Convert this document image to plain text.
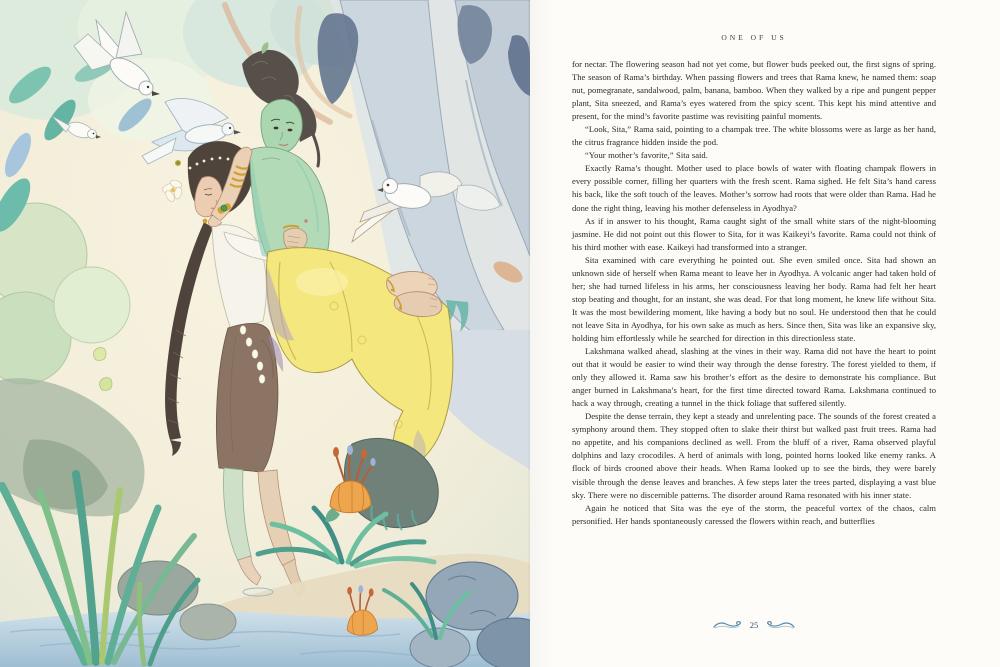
ONE OF US

for nectar. The flowering season had not yet come, but flower buds peeked out, the first signs of spring. The season of Rama’s birthday. When passing flowers and trees that Rama knew, he named them: soap nut, pomegranate, sandalwood, palm, banana, bamboo. When they walked by a ripe and pungent pepper plant, Sita sneezed, and Rama’s eyes watered from the spicy scent. This kept his mind attentive and present, for the mind’s favorite pastime was revisiting painful moments.

“Look, Sita,” Rama said, pointing to a champak tree. The white blossoms were as large as her hand, the citrus fragrance hidden inside the pod.

“Your mother’s favorite,” Sita said.

Exactly Rama’s thought. Mother used to place bowls of water with floating champak flowers in every possible corner, filling her quarters with the fresh scent. Rama sighed. He felt Sita’s hand caress his back, like the soft touch of the leaves. Mother’s sorrow had roots that were older than Rama. Had he done the right thing, leaving his mother defenseless in Ayodhya?

As if in answer to his thought, Rama caught sight of the small white stars of the night-blooming jasmine. He did not point out this flower to Sita, for it was Kaikeyi’s favorite. Rama could not think of his third mother with ease. Kaikeyi had transformed into a stranger.

Sita examined with care everything he pointed out. She even smiled once. Sita had shown an unknown side of herself when Rama meant to leave her in Ayodhya. A volcanic anger had taken hold of her; she had turned lifeless in his arms, her consciousness leaving her body. Rama had felt her heart stop beating and thought, for an instant, she was dead. For that long moment, he knew life without Sita. It was the most bewildering moment, like having a body but no soul. He understood then that he could not leave Sita in Ayodhya, for his own sake as much as hers. Since then, Sita was like an expansive sky, holding him effortlessly while he searched for direction in this directionless state.

Lakshmana walked ahead, slashing at the vines in their way. Rama did not have the heart to point out that it would be easier to wind their way through the dense forestry. The forest yielded to them, if only they allowed it. Rama saw his brother’s effort as the desire to demonstrate his compliance. But anger burned in Lakshmana’s heart, for the first time directed toward Rama. Lakshmana continued to hack a way through, creating a tunnel in the thick foliage that suffered silently.

Despite the dense terrain, they kept a steady and unrelenting pace. The sounds of the forest created a symphony around them. They stopped often to slake their thirst but walked past fruit trees. Rama had no appetite, and his companions declined as well. From the bluff of a river, Rama observed playful dolphins and lazy crocodiles. A herd of animals with long, pointed horns looked like enemy ranks. A flock of birds crooned above their heads. When Rama looked up to see the birds, they were barely visible through the dense leaves and branches. A few steps later the trees parted, displaying a vast blue sky. There were no discernible patterns. The disorder around Rama resonated with his inner state.

Again he noticed that Sita was the eye of the storm, the peaceful vortex of the chaos, calm personified. Her hands spontaneously caressed the flowers within reach, and butterflies

25
